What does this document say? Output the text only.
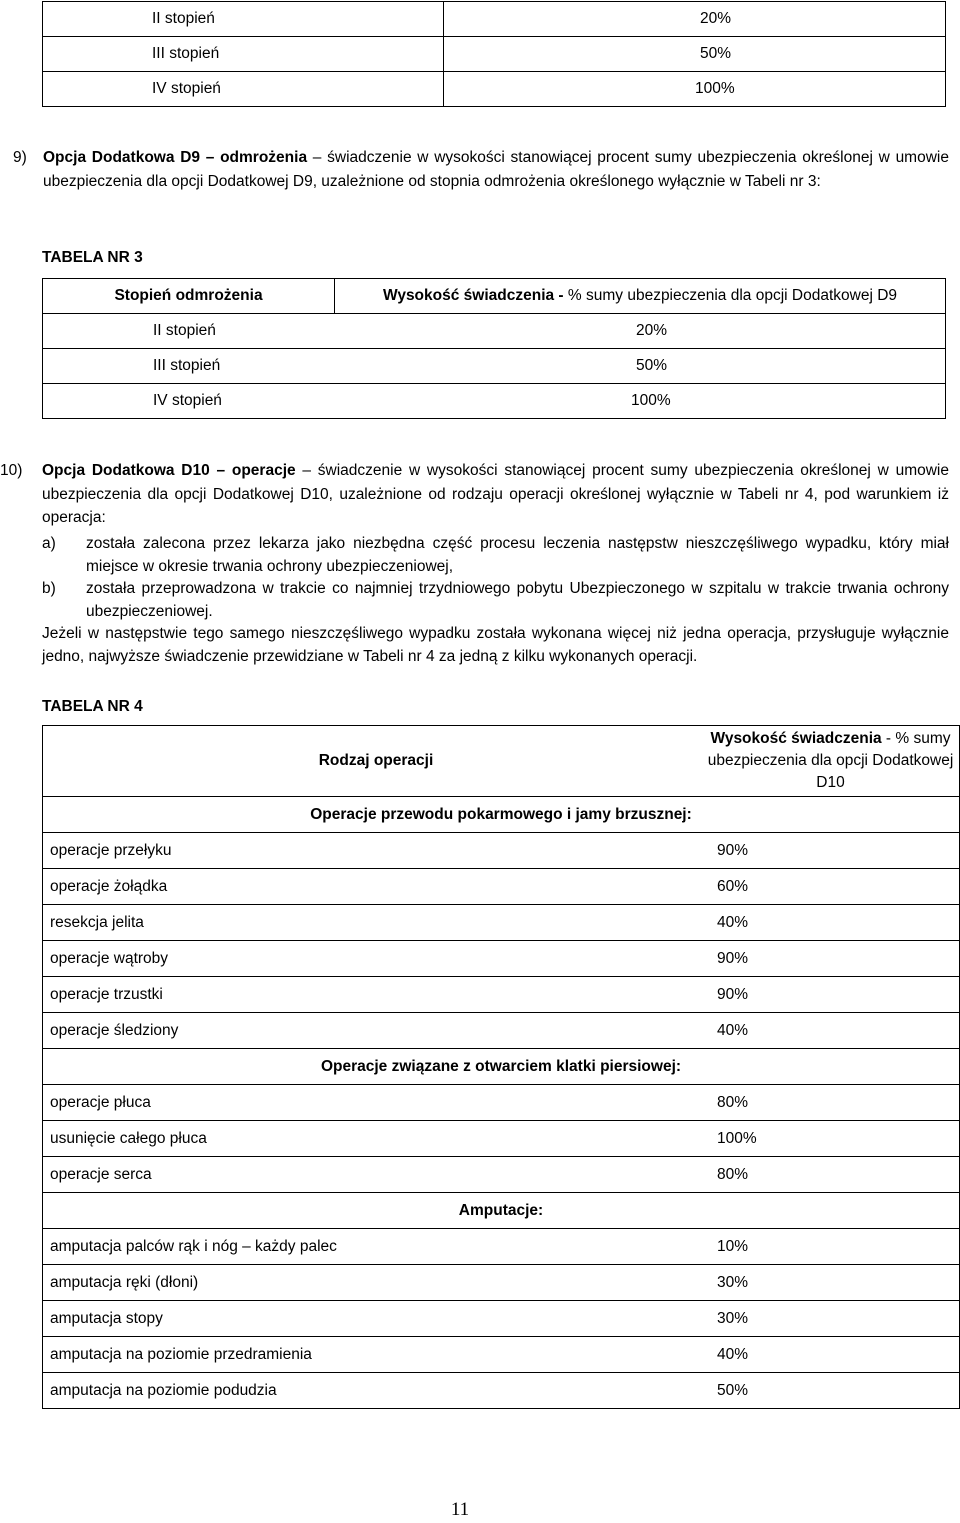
II stopień	20%
III stopień	50%
IV stopień	100%
9) Opcja Dodatkowa D9 – odmrożenia – świadczenie w wysokości stanowiącej procent sumy ubezpieczenia określonej w umowie ubezpieczenia dla opcji Dodatkowej D9, uzależnione od stopnia odmrożenia określonego wyłącznie w Tabeli nr 3:
TABELA NR 3
Stopień odmrożenia	Wysokość świadczenia - % sumy ubezpieczenia dla opcji Dodatkowej D9
II stopień	20%
III stopień	50%
IV stopień	100%
10) Opcja Dodatkowa D10 – operacje – świadczenie w wysokości stanowiącej procent sumy ubezpieczenia określonej w umowie ubezpieczenia dla opcji Dodatkowej D10, uzależnione od rodzaju operacji określonej wyłącznie w Tabeli nr 4, pod warunkiem iż operacja:
a) została zalecona przez lekarza jako niezbędna część procesu leczenia następstw nieszczęśliwego wypadku, który miał miejsce w okresie trwania ochrony ubezpieczeniowej,
b) została przeprowadzona w trakcie co najmniej trzydniowego pobytu Ubezpieczonego w szpitalu w trakcie trwania ochrony ubezpieczeniowej.
Jeżeli w następstwie tego samego nieszczęśliwego wypadku została wykonana więcej niż jedna operacja, przysługuje wyłącznie jedno, najwyższe świadczenie przewidziane w Tabeli nr 4 za jedną z kilku wykonanych operacji.
TABELA NR 4
Rodzaj operacji	Wysokość świadczenia - % sumy ubezpieczenia dla opcji Dodatkowej D10
Operacje przewodu pokarmowego i jamy brzusznej:	
operacje przełyku	90%
operacje żołądka	60%
resekcja jelita	40%
operacje wątroby	90%
operacje trzustki	90%
operacje śledziony	40%
Operacje związane z otwarciem klatki piersiowej:	
operacje płuca	80%
usunięcie całego płuca	100%
operacje serca	80%
Amputacje:	
amputacja palców rąk i nóg – każdy palec	10%
amputacja ręki (dłoni)	30%
amputacja stopy	30%
amputacja na poziomie przedramienia	40%
amputacja na poziomie podudzia	50%
11
